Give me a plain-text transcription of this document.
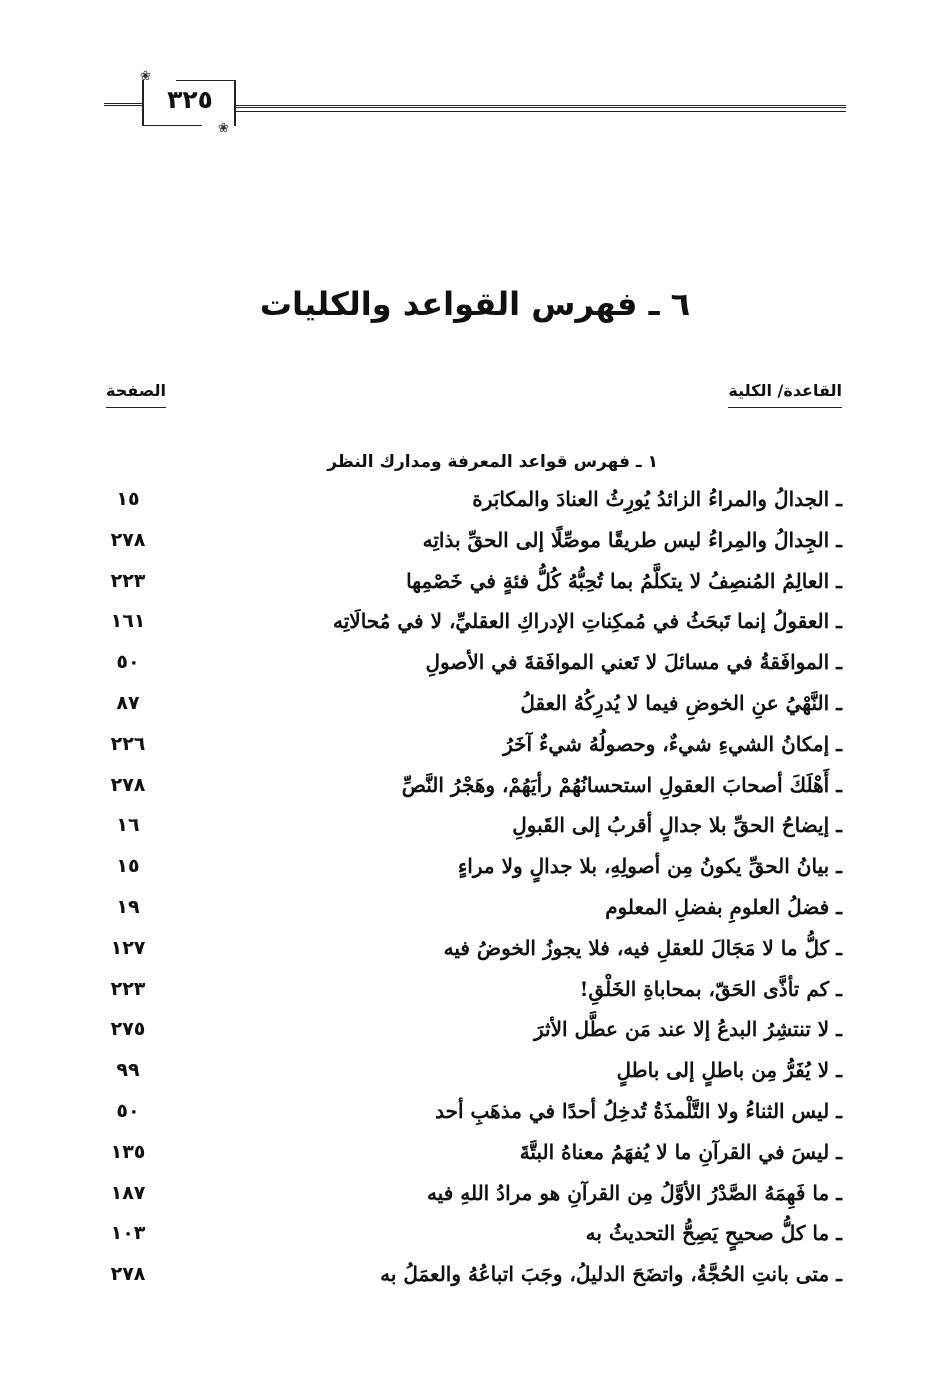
❀
❀
٣٢٥
٦ ـ فهرس القواعد والكليات
القاعدة/ الكلية
الصفحة
١ ـ فهرس قواعد المعرفة ومدارك النظر
ـ الجدالُ والمراءُ الزائدُ يُورِثُ العنادَ والمكابَرة
١٥
ـ الجِدالُ والمِراءُ ليس طريقًا موصِّلًا إلى الحقِّ بذاتِه
٢٧٨
ـ العالِمُ المُنصِفُ لا يتكلَّمُ بما تُحِبُّهُ كُلُّ فئةٍ في خَصْمِها
٢٢٣
ـ العقولُ إنما تَبحَثُ في مُمكِناتِ الإدراكِ العقليِّ، لا في مُحالَاتِه
١٦١
ـ الموافَقةُ في مسائلَ لا تَعني الموافَقةَ في الأصولِ
٥٠
ـ النَّهْيُ عنِ الخوضِ فيما لا يُدرِكُهُ العقلُ
٨٧
ـ إمكانُ الشيءِ شيءٌ، وحصولُهُ شيءٌ آخَرُ
٢٢٦
ـ أَهْلَكَ أصحابَ العقولِ استحسانُهُمْ رأيَهُمْ، وهَجْرُ النَّصِّ
٢٧٨
ـ إيضاحُ الحقِّ بلا جدالٍ أقربُ إلى القَبولِ
١٦
ـ بيانُ الحقِّ يكونُ مِن أصولِهِ، بلا جدالٍ ولا مراءٍ
١٥
ـ فضلُ العلومِ بفضلِ المعلوم
١٩
ـ كلُّ ما لا مَجَالَ للعقلِ فيه، فلا يجوزُ الخوضُ فيه
١٢٧
ـ كم تأذَّى الحَقّ، بمحاباةِ الخَلْقِ!
٢٢٣
ـ لا تنتشِرُ البدعُ إلا عند مَن عطَّل الأثرَ
٢٧٥
ـ لا يُفَرُّ مِن باطلٍ إلى باطلٍ
٩٩
ـ ليس الثناءُ ولا التَّلْمذَةُ تُدخِلُ أحدًا في مذهَبِ أحد
٥٠
ـ ليسَ في القرآنِ ما لا يُفهَمُ معناهُ البتَّةَ
١٣٥
ـ ما فَهِمَهُ الصَّدْرُ الأوَّلُ مِن القرآنِ هو مرادُ اللهِ فيه
١٨٧
ـ ما كلُّ صحيحٍ يَصِحُّ التحديثُ به
١٠٣
ـ متى بانتِ الحُجَّةُ، واتضَحَ الدليلُ، وجَبَ اتباعُهُ والعمَلُ به
٢٧٨
